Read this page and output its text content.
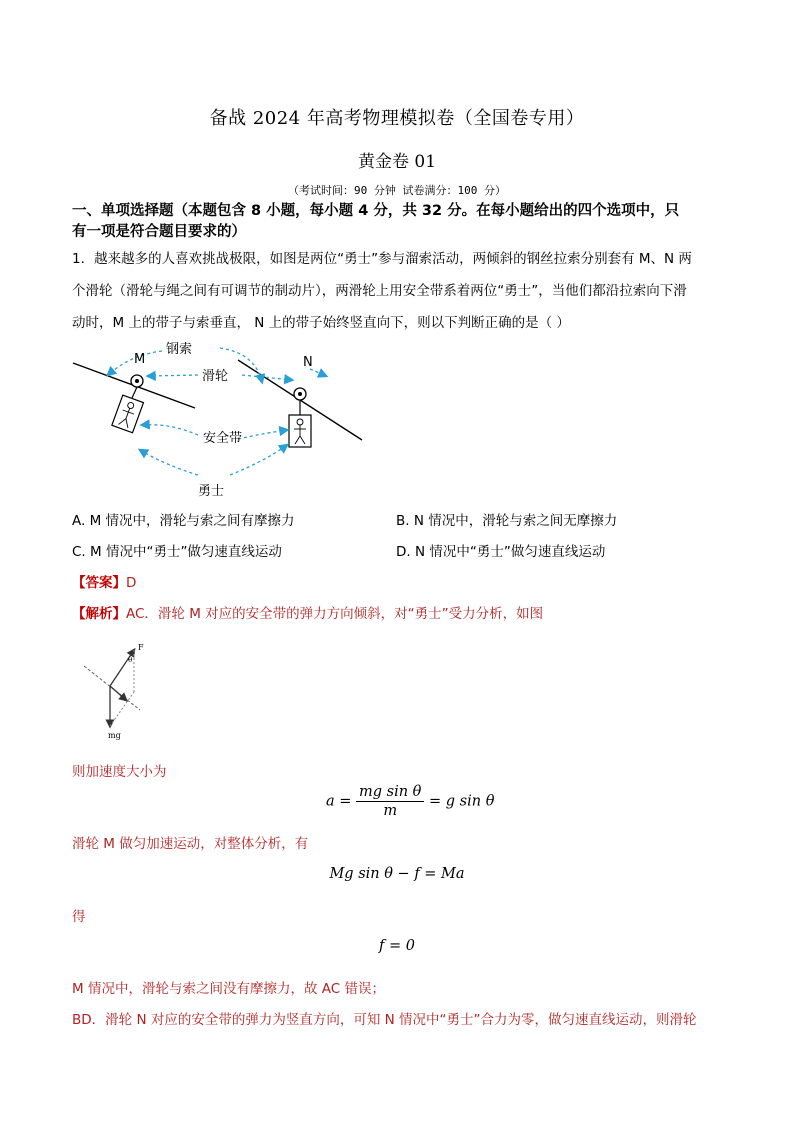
备战 2024 年高考物理模拟卷（全国卷专用）
黄金卷 01
（考试时间：90 分钟 试卷满分：100 分）
一、单项选择题（本题包含 8 小题，每小题 4 分，共 32 分。在每小题给出的四个选项中，只
有一项是符合题目要求的）
1．越来越多的人喜欢挑战极限，如图是两位“勇士”参与溜索活动，两倾斜的钢丝拉索分别套有 M、N 两
个滑轮（滑轮与绳之间有可调节的制动片），两滑轮上用安全带系着两位“勇士”，当他们都沿拉索向下滑
动时，M 上的带子与索垂直， N 上的带子始终竖直向下，则以下判断正确的是（ ）
钢索
M	N
滑轮
安全带
勇士
A. M 情况中，滑轮与索之间有摩擦力	B. N 情况中，滑轮与索之间无摩擦力
C. M 情况中“勇士”做匀速直线运动	D. N 情况中“勇士”做匀速直线运动
【答案】D
【解析】AC．滑轮 M 对应的安全带的弹力方向倾斜，对“勇士”受力分析，如图
F
θ
mg
则加速度大小为
$a = \frac{\text{mg sin θ}}{m} = g$ sin θ
滑轮 M 做匀加速运动，对整体分析，有
Mg sin θ − f = Ma
得
f = 0
M 情况中，滑轮与索之间没有摩擦力，故 AC 错误；
BD．滑轮 N 对应的安全带的弹力为竖直方向，可知 N 情况中“勇士”合力为零，做匀速直线运动，则滑轮
